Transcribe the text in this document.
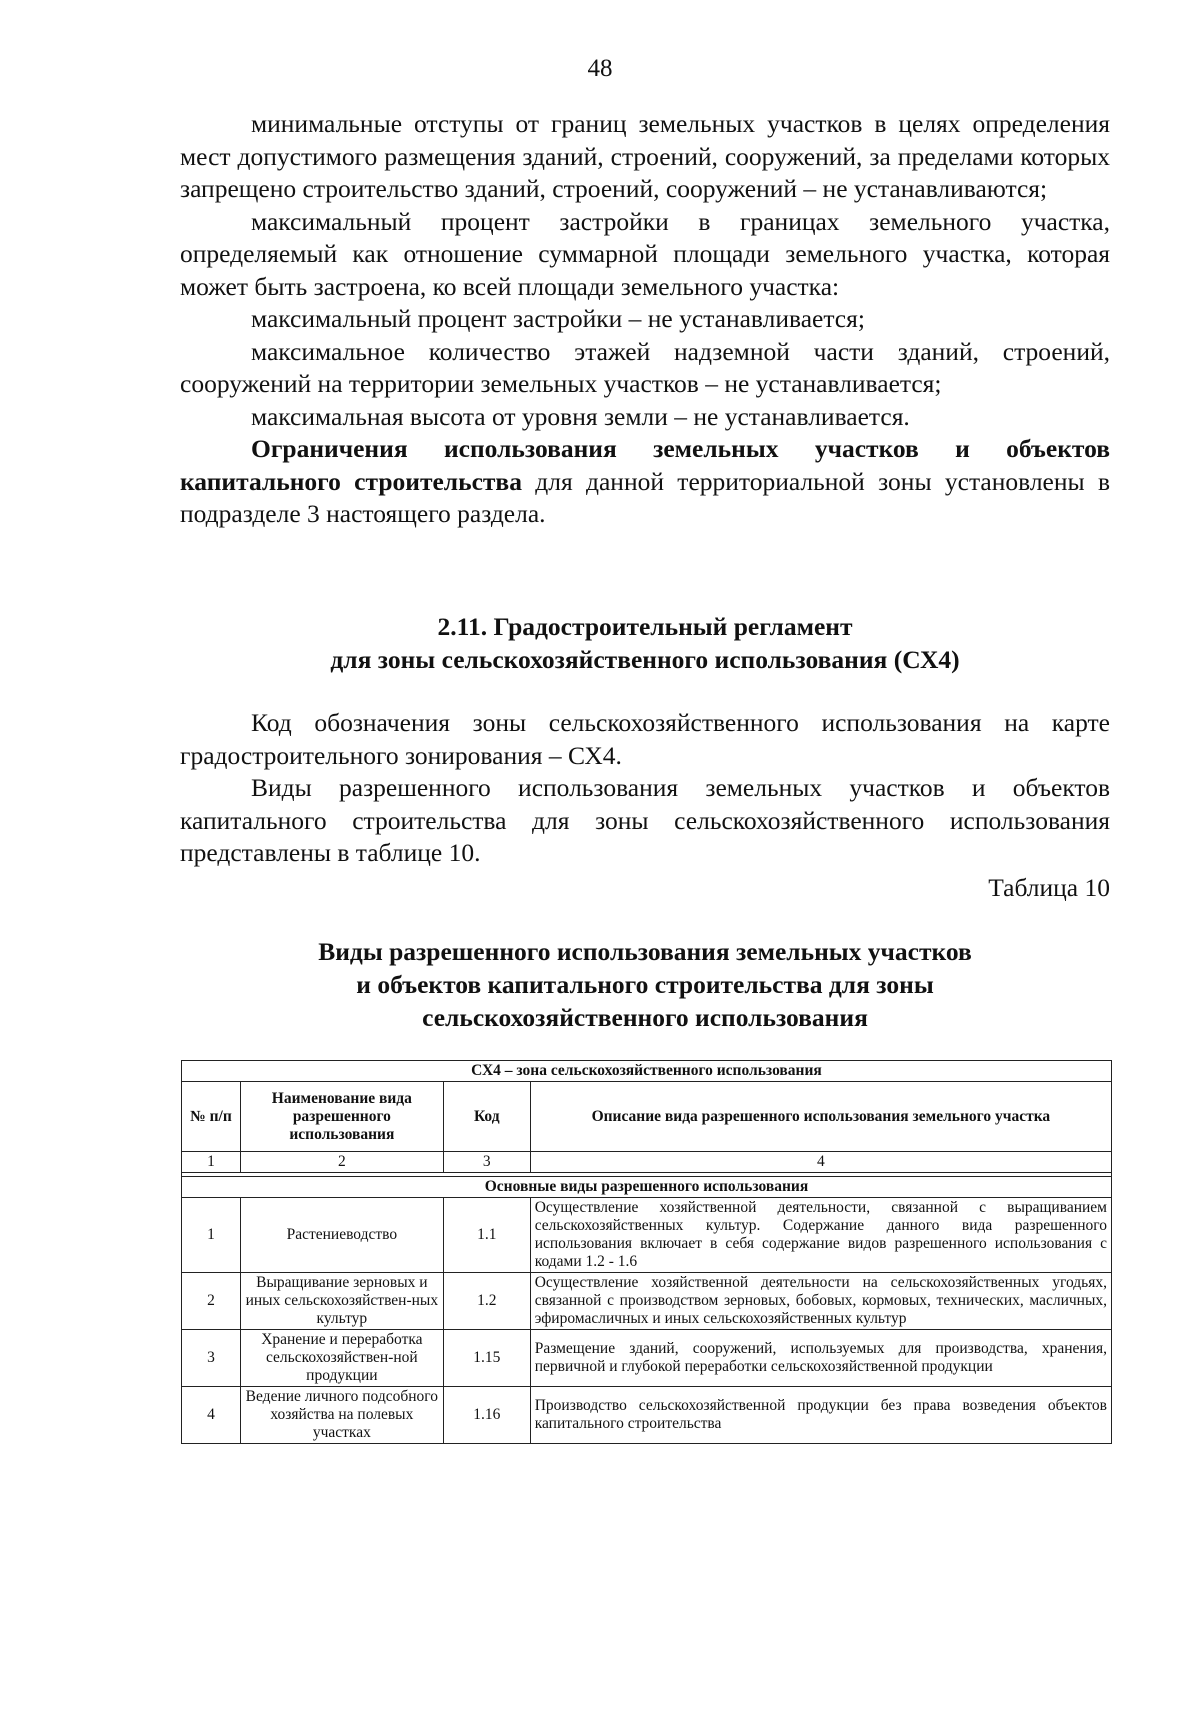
48

минимальные отступы от границ земельных участков в целях определения мест допустимого размещения зданий, строений, сооружений, за пределами которых запрещено строительство зданий, строений, сооружений – не устанавливаются;

максимальный процент застройки в границах земельного участка, определяемый как отношение суммарной площади земельного участка, которая может быть застроена, ко всей площади земельного участка:

максимальный процент застройки – не устанавливается;

максимальное количество этажей надземной части зданий, строений, сооружений на территории земельных участков – не устанавливается;

максимальная высота от уровня земли – не устанавливается.

Ограничения использования земельных участков и объектов капитального строительства для данной территориальной зоны установлены в подразделе 3 настоящего раздела.

2.11. Градостроительный регламент
для зоны сельскохозяйственного использования (СХ4)

Код обозначения зоны сельскохозяйственного использования на карте градостроительного зонирования – СХ4.

Виды разрешенного использования земельных участков и объектов капитального строительства для зоны сельскохозяйственного использования представлены в таблице 10.

Таблица 10
Виды разрешенного использования земельных участков
и объектов капитального строительства для зоны
сельскохозяйственного использования
СХ4 – зона сельскохозяйственного использования			
№ п/п	Наименование вида разрешенного использования	Код	Описание вида разрешенного использования земельного участка
1	2	3	4

Основные виды разрешенного использования			
1	Растениеводство	1.1	Осуществление хозяйственной деятельности, связанной с выращиванием сельскохозяйственных культур. Содержание данного вида разрешенного использования включает в себя содержание видов разрешенного использования с кодами 1.2 - 1.6
2	Выращивание зерновых и иных сельскохозяйствен-ных культур	1.2	Осуществление хозяйственной деятельности на сельскохозяйственных угодьях, связанной с производством зерновых, бобовых, кормовых, технических, масличных, эфиромасличных и иных сельскохозяйственных культур
3	Хранение и переработка сельскохозяйствен-ной продукции	1.15	Размещение зданий, сооружений, используемых для производства, хранения, первичной и глубокой переработки сельскохозяйственной продукции
4	Ведение личного подсобного хозяйства на полевых участках	1.16	Производство сельскохозяйственной продукции без права возведения объектов капитального строительства
